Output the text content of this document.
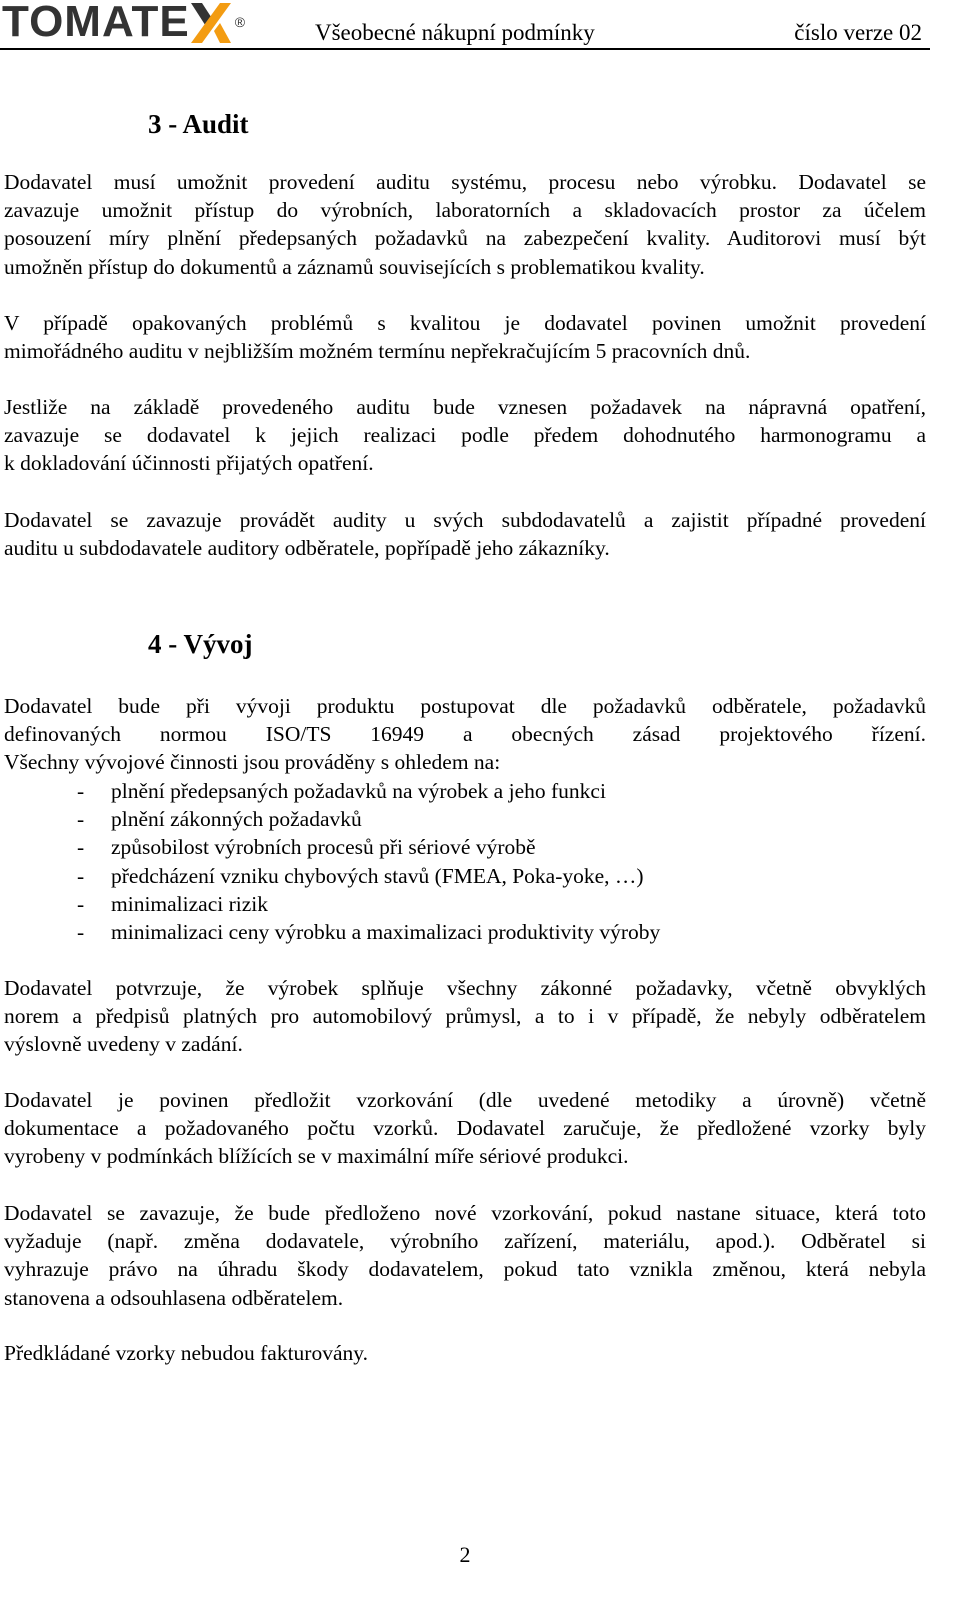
TOMATE	®	Všeobecné nákupní podmínky	číslo verze 02
3 - Audit
Dodavatel musí umožnit provedení auditu systému, procesu nebo výrobku. Dodavatel se
zavazuje umožnit přístup do výrobních, laboratorních a skladovacích prostor za účelem
posouzení míry plnění předepsaných požadavků na zabezpečení kvality. Auditorovi musí být
umožněn přístup do dokumentů a záznamů souvisejících s problematikou kvality.
V případě opakovaných problémů s kvalitou je dodavatel povinen umožnit provedení
mimořádného auditu v nejbližším možném termínu nepřekračujícím 5 pracovních dnů.
Jestliže na základě provedeného auditu bude vznesen požadavek na nápravná opatření,
zavazuje se dodavatel k jejich realizaci podle předem dohodnutého harmonogramu a
k dokladování účinnosti přijatých opatření.
Dodavatel se zavazuje provádět audity u svých subdodavatelů a zajistit případné provedení
auditu u subdodavatele auditory odběratele, popřípadě jeho zákazníky.
4 - Vývoj
Dodavatel bude při vývoji produktu postupovat dle požadavků odběratele, požadavků
definovaných normou ISO/TS 16949 a obecných zásad projektového řízení.
Všechny vývojové činnosti jsou prováděny s ohledem na:
- plnění předepsaných požadavků na výrobek a jeho funkci
- plnění zákonných požadavků
- způsobilost výrobních procesů při sériové výrobě
- předcházení vzniku chybových stavů (FMEA, Poka-yoke, …)
- minimalizaci rizik
- minimalizaci ceny výrobku a maximalizaci produktivity výroby
Dodavatel potvrzuje, že výrobek splňuje všechny zákonné požadavky, včetně obvyklých
norem a předpisů platných pro automobilový průmysl, a to i v případě, že nebyly odběratelem
výslovně uvedeny v zadání.
Dodavatel je povinen předložit vzorkování (dle uvedené metodiky a úrovně) včetně
dokumentace a požadovaného počtu vzorků. Dodavatel zaručuje, že předložené vzorky byly
vyrobeny v podmínkách blížících se v maximální míře sériové produkci.
Dodavatel se zavazuje, že bude předloženo nové vzorkování, pokud nastane situace, která toto
vyžaduje (např. změna dodavatele, výrobního zařízení, materiálu, apod.). Odběratel si
vyhrazuje právo na úhradu škody dodavatelem, pokud tato vznikla změnou, která nebyla
stanovena a odsouhlasena odběratelem.
Předkládané vzorky nebudou fakturovány.
2
